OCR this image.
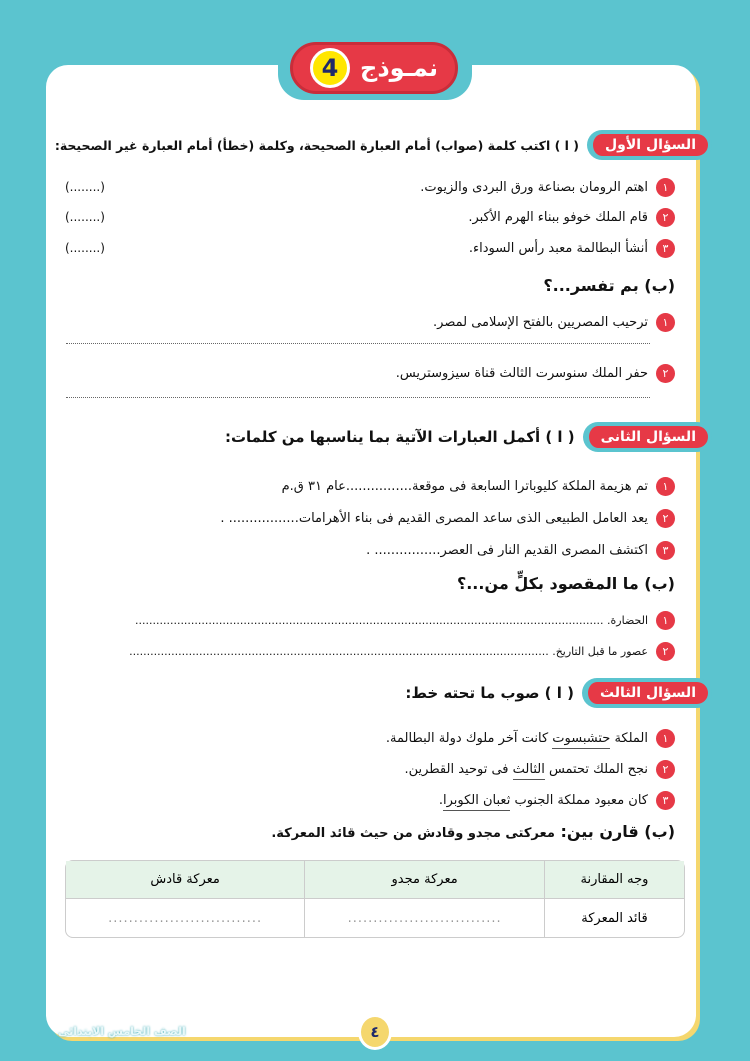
نمـوذج
4
السؤال الأول
( ا ) اكتب كلمة (صواب) أمام العبارة الصحيحة، وكلمة (خطأ) أمام العبارة غير الصحيحة:
١
اهتم الرومان بصناعة ورق البردى والزيوت.
(........)
٢
قام الملك خوفو ببناء الهرم الأكبر.
(........)
٣
أنشأ البطالمة معبد رأس السوداء.
(........)
(ب) بم تفسر...؟
١
ترحيب المصريين بالفتح الإسلامى لمصر.
٢
حفر الملك سنوسرت الثالث قناة سيزوستريس.
السؤال الثانى
( ا ) أكمل العبارات الآتية بما يناسبها من كلمات:
١
تم هزيمة الملكة كليوباترا السابعة فى موقعة................عام ٣١ ق.م
٢
يعد العامل الطبيعى الذى ساعد المصرى القديم فى بناء الأهرامات................. .
٣
اكتشف المصرى القديم النار فى العصر................ .
(ب) ما المقصود بكلٍّ من...؟
١
الحضارة. ......................................................................................................................................
٢
عصور ما قبل التاريخ. ........................................................................................................................
السؤال الثالث
( ا ) صوب ما تحته خط:
١
الملكة حتشبسوت كانت آخر ملوك دولة البطالمة.
٢
نجح الملك تحتمس الثالث فى توحيد القطرين.
٣
كان معبود مملكة الجنوب ثعبان الكوبرا.
(ب) قارن بين: معركتى مجدو وقادش من حيث قائد المعركة.
وجه المقارنة	معركة مجدو	معركة قادش
قائد المعركة	..............................	..............................
الصف الخامس الابتدائى	٤
